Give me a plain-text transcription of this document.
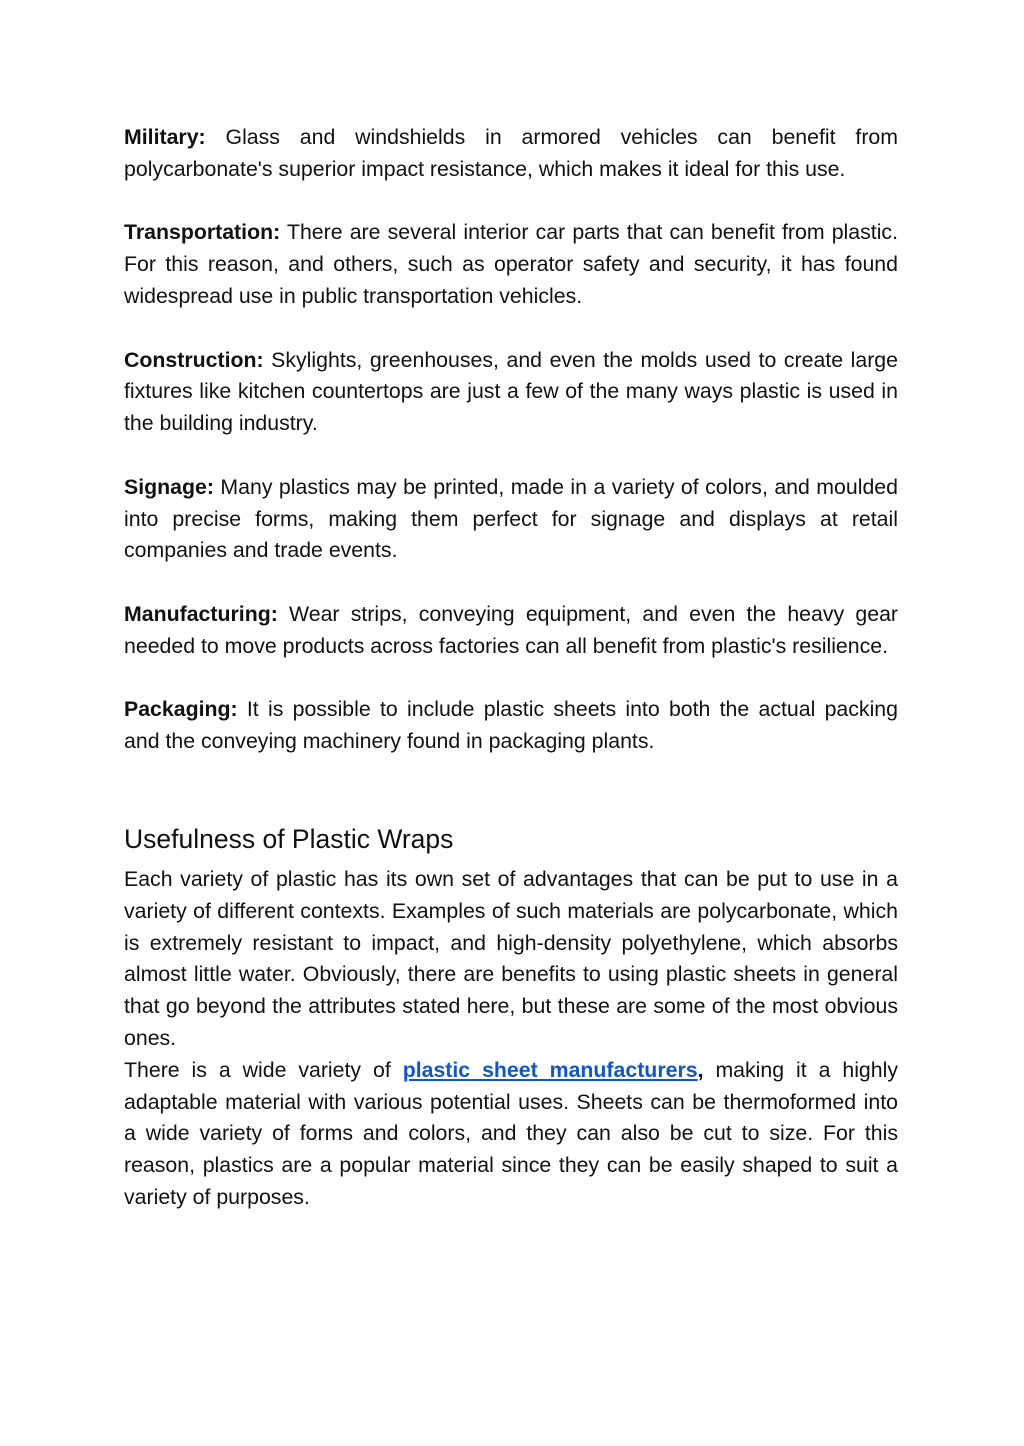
Military: Glass and windshields in armored vehicles can benefit from polycarbonate's superior impact resistance, which makes it ideal for this use.

Transportation: There are several interior car parts that can benefit from plastic. For this reason, and others, such as operator safety and security, it has found widespread use in public transportation vehicles.

Construction: Skylights, greenhouses, and even the molds used to create large fixtures like kitchen countertops are just a few of the many ways plastic is used in the building industry.

Signage: Many plastics may be printed, made in a variety of colors, and moulded into precise forms, making them perfect for signage and displays at retail companies and trade events.

Manufacturing: Wear strips, conveying equipment, and even the heavy gear needed to move products across factories can all benefit from plastic's resilience.

Packaging: It is possible to include plastic sheets into both the actual packing and the conveying machinery found in packaging plants.

Usefulness of Plastic Wraps

Each variety of plastic has its own set of advantages that can be put to use in a variety of different contexts. Examples of such materials are polycarbonate, which is extremely resistant to impact, and high-density polyethylene, which absorbs almost little water. Obviously, there are benefits to using plastic sheets in general that go beyond the attributes stated here, but these are some of the most obvious ones.

There is a wide variety of plastic sheet manufacturers, making it a highly adaptable material with various potential uses. Sheets can be thermoformed into a wide variety of forms and colors, and they can also be cut to size. For this reason, plastics are a popular material since they can be easily shaped to suit a variety of purposes.
